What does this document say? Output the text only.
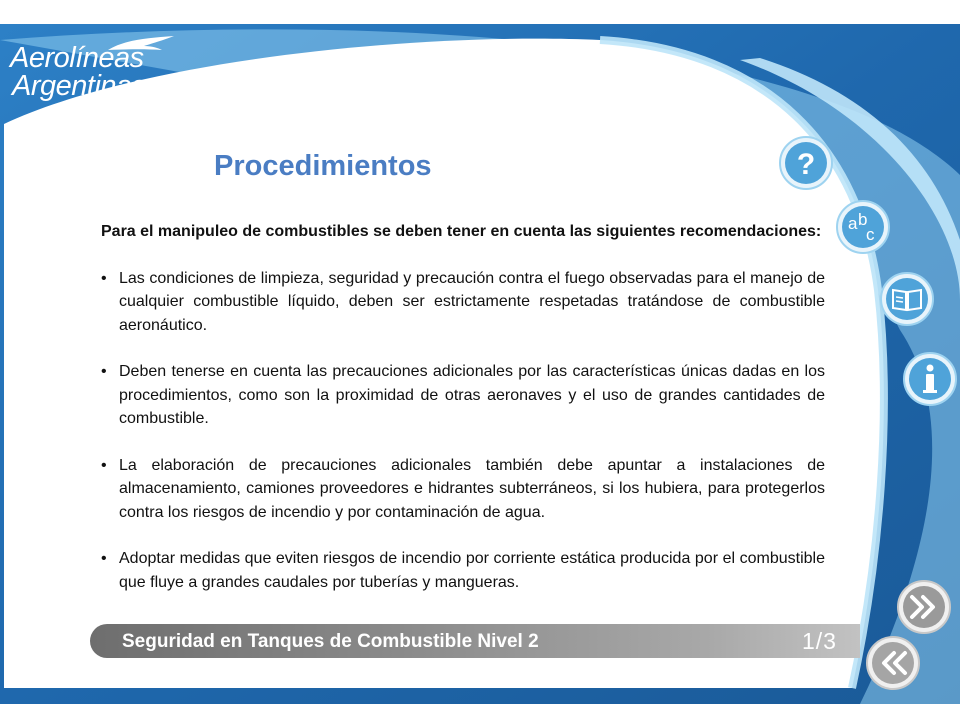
Aerolíneas
Argentinas
Procedimientos

Para el manipuleo de combustibles se deben tener en cuenta las siguientes recomendaciones:

• Las condiciones de limpieza, seguridad y precaución contra el fuego observadas para el manejo de cualquier combustible líquido, deben ser estrictamente respetadas tratándose de combustible aeronáutico.
• Deben tenerse en cuenta las precauciones adicionales por las características únicas dadas en los procedimientos, como son la proximidad de otras aeronaves y el uso de grandes cantidades de combustible.
• La elaboración de precauciones adicionales también debe apuntar a instalaciones de almacenamiento, camiones proveedores e hidrantes subterráneos, si los hubiera, para protegerlos contra los riesgos de incendio y por contaminación de agua.
• Adoptar medidas que eviten riesgos de incendio por corriente estática producida por el combustible que fluye a grandes caudales por tuberías y mangueras.
?
a b
c
Seguridad en Tanques de Combustible Nivel 2	1/3
